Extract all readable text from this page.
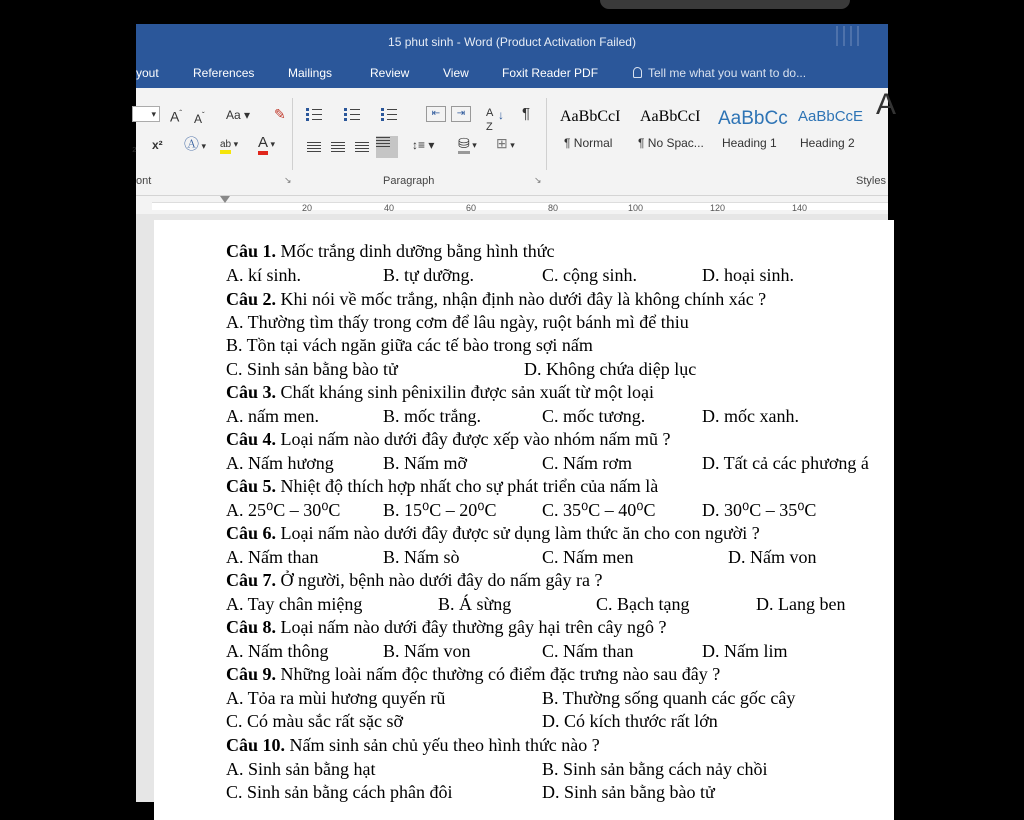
15 phut sinh - Word (Product Activation Failed)
yout	References	Mailings	Review	View	Foxit Reader PDF	Tell me what you want to do...
▾ $A^ˆ$ $A^ˇ$ Aa ▾ ✎
₂ x² Ⓐ ▾ ab ▾ A ▾
⇤	⇥	A
Z
↓ ¶
↕≡ ▾ ⛁ ▾ ⊞ ▾
AaBbCcI
¶ Normal
AaBbCcI
¶ No Spac...
AaBbCc
Heading 1
AaBbCcE
Heading 2
A
ont	↘	Paragraph	↘	Styles
20	40	60	80	100	120	140
Câu 1. Mốc trắng dinh dưỡng bằng hình thức
A. kí sinh.	B. tự dưỡng.	C. cộng sinh.	D. hoại sinh.
Câu 2. Khi nói về mốc trắng, nhận định nào dưới đây là không chính xác ?
A. Thường tìm thấy trong cơm để lâu ngày, ruột bánh mì để thiu
B. Tồn tại vách ngăn giữa các tế bào trong sợi nấm
C. Sinh sản bằng bào tử	D. Không chứa diệp lục
Câu 3. Chất kháng sinh pênixilin được sản xuất từ một loại
A. nấm men.	B. mốc trắng.	C. mốc tương.	D. mốc xanh.
Câu 4. Loại nấm nào dưới đây được xếp vào nhóm nấm mũ ?
A. Nấm hương	B. Nấm mỡ	C. Nấm rơm	D. Tất cả các phương á
Câu 5. Nhiệt độ thích hợp nhất cho sự phát triển của nấm là
A. 25⁰C – 30⁰C B. 15⁰C – 20⁰C	C. 35⁰C – 40⁰C	D. 30⁰C – 35⁰C
Câu 6. Loại nấm nào dưới đây được sử dụng làm thức ăn cho con người ?
A. Nấm than	B. Nấm sò	C. Nấm men	D. Nấm von
Câu 7. Ở người, bệnh nào dưới đây do nấm gây ra ?
A. Tay chân miệng	B. Á sừng	C. Bạch tạng	D. Lang ben
Câu 8. Loại nấm nào dưới đây thường gây hại trên cây ngô ?
A. Nấm thông	B. Nấm von	C. Nấm than	D. Nấm lim
Câu 9. Những loài nấm độc thường có điểm đặc trưng nào sau đây ?
A. Tỏa ra mùi hương quyến rũ	B. Thường sống quanh các gốc cây
C. Có màu sắc rất sặc sỡ	D. Có kích thước rất lớn
Câu 10. Nấm sinh sản chủ yếu theo hình thức nào ?
A. Sinh sản bằng hạt	B. Sinh sản bằng cách nảy chồi
C. Sinh sản bằng cách phân đôi	D. Sinh sản bằng bào tử
